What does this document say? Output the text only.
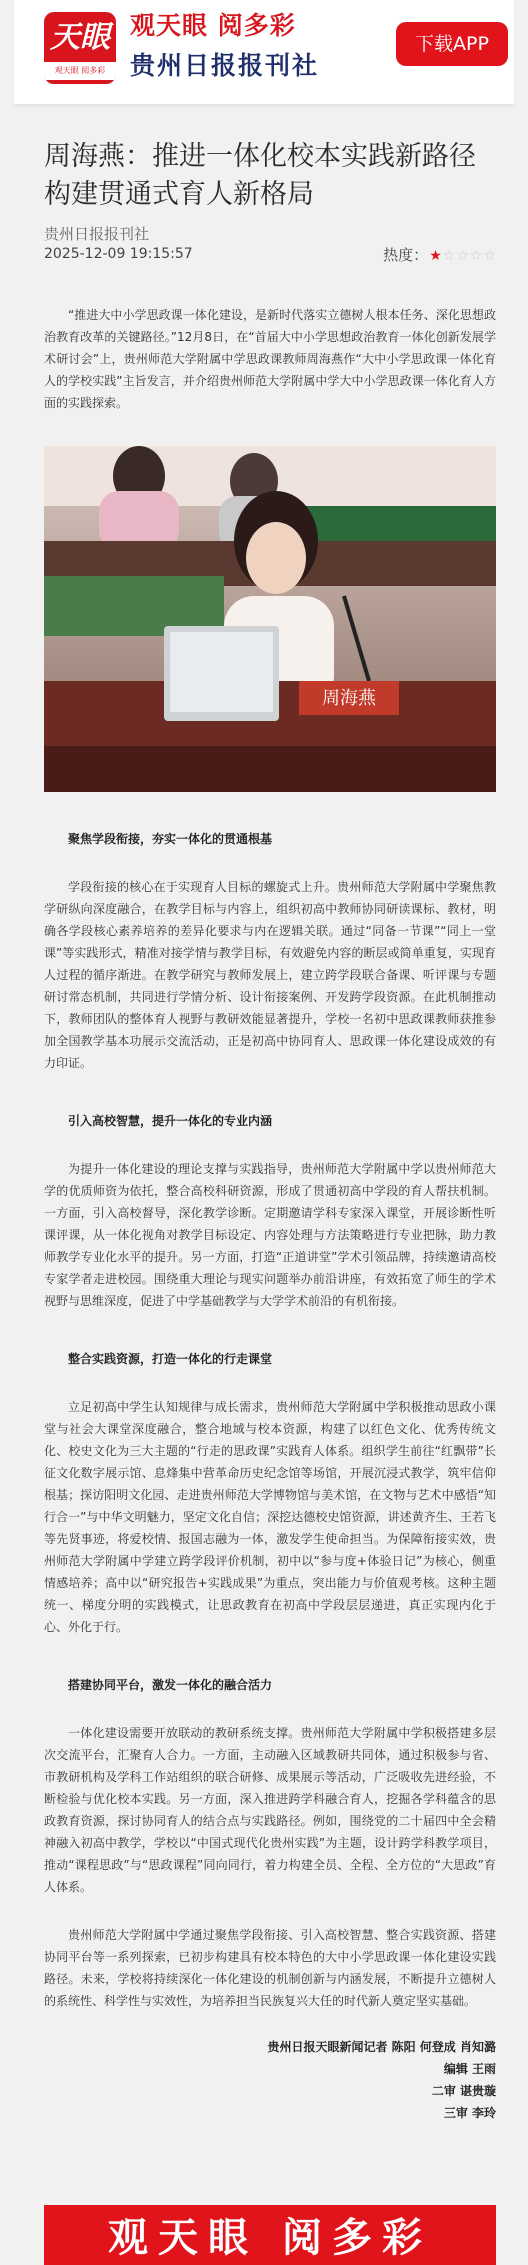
天眼
观天眼 阅多彩
观天眼 阅多彩
贵州日报报刊社
下载APP
周海燕：推进一体化校本实践新路径 构建贯通式育人新格局
贵州日报报刊社
2025-12-09 19:15:57	热度：★☆☆☆☆

“推进大中小学思政课一体化建设，是新时代落实立德树人根本任务、深化思想政治教育改革的关键路径。”12月8日，在“首届大中小学思想政治教育一体化创新发展学术研讨会”上，贵州师范大学附属中学思政课教师周海燕作“大中小学思政课一体化育人的学校实践”主旨发言，并介绍贵州师范大学附属中学大中小学思政课一体化育人方面的实践探索。

周海燕
聚焦学段衔接，夯实一体化的贯通根基

学段衔接的核心在于实现育人目标的螺旋式上升。贵州师范大学附属中学聚焦教学研纵向深度融合，在教学目标与内容上，组织初高中教师协同研读课标、教材，明确各学段核心素养培养的差异化要求与内在逻辑关联。通过“同备一节课”“同上一堂课”等实践形式，精准对接学情与教学目标，有效避免内容的断层或简单重复，实现育人过程的循序渐进。在教学研究与教师发展上，建立跨学段联合备课、听评课与专题研讨常态机制，共同进行学情分析、设计衔接案例、开发跨学段资源。在此机制推动下，教师团队的整体育人视野与教研效能显著提升，学校一名初中思政课教师获推参加全国教学基本功展示交流活动，正是初高中协同育人、思政课一体化建设成效的有力印证。

引入高校智慧，提升一体化的专业内涵

为提升一体化建设的理论支撑与实践指导，贵州师范大学附属中学以贵州师范大学的优质师资为依托，整合高校科研资源，形成了贯通初高中学段的育人帮扶机制。一方面，引入高校督导，深化教学诊断。定期邀请学科专家深入课堂，开展诊断性听课评课，从一体化视角对教学目标设定、内容处理与方法策略进行专业把脉，助力教师教学专业化水平的提升。另一方面，打造“正道讲堂”学术引领品牌，持续邀请高校专家学者走进校园。围绕重大理论与现实问题举办前沿讲座，有效拓宽了师生的学术视野与思维深度，促进了中学基础教学与大学学术前沿的有机衔接。

整合实践资源，打造一体化的行走课堂

立足初高中学生认知规律与成长需求，贵州师范大学附属中学积极推动思政小课堂与社会大课堂深度融合，整合地域与校本资源，构建了以红色文化、优秀传统文化、校史文化为三大主题的“行走的思政课”实践育人体系。组织学生前往“红飘带”长征文化数字展示馆、息烽集中营革命历史纪念馆等场馆，开展沉浸式教学，筑牢信仰根基；探访阳明文化园、走进贵州师范大学博物馆与美术馆，在文物与艺术中感悟“知行合一”与中华文明魅力，坚定文化自信；深挖达德校史馆资源，讲述黄齐生、王若飞等先贤事迹，将爱校情、报国志融为一体，激发学生使命担当。为保障衔接实效，贵州师范大学附属中学建立跨学段评价机制，初中以“参与度+体验日记”为核心，侧重情感培养；高中以“研究报告+实践成果”为重点，突出能力与价值观考核。这种主题统一、梯度分明的实践模式，让思政教育在初高中学段层层递进，真正实现内化于心、外化于行。

搭建协同平台，激发一体化的融合活力

一体化建设需要开放联动的教研系统支撑。贵州师范大学附属中学积极搭建多层次交流平台，汇聚育人合力。一方面，主动融入区域教研共同体，通过积极参与省、市教研机构及学科工作站组织的联合研修、成果展示等活动，广泛吸收先进经验，不断检验与优化校本实践。另一方面，深入推进跨学科融合育人，挖掘各学科蕴含的思政教育资源，探讨协同育人的结合点与实践路径。例如，围绕党的二十届四中全会精神融入初高中教学，学校以“中国式现代化贵州实践”为主题，设计跨学科教学项目，推动“课程思政”与“思政课程”同向同行，着力构建全员、全程、全方位的“大思政”育人体系。

贵州师范大学附属中学通过聚焦学段衔接、引入高校智慧、整合实践资源、搭建协同平台等一系列探索，已初步构建具有校本特色的大中小学思政课一体化建设实践路径。未来，学校将持续深化一体化建设的机制创新与内涵发展，不断提升立德树人的系统性、科学性与实效性，为培养担当民族复兴大任的时代新人奠定坚实基础。

贵州日报天眼新闻记者 陈阳 何登成 肖知潞
编辑 王雨
二审 谌贵璇
三审 李玲
观天眼 阅多彩
